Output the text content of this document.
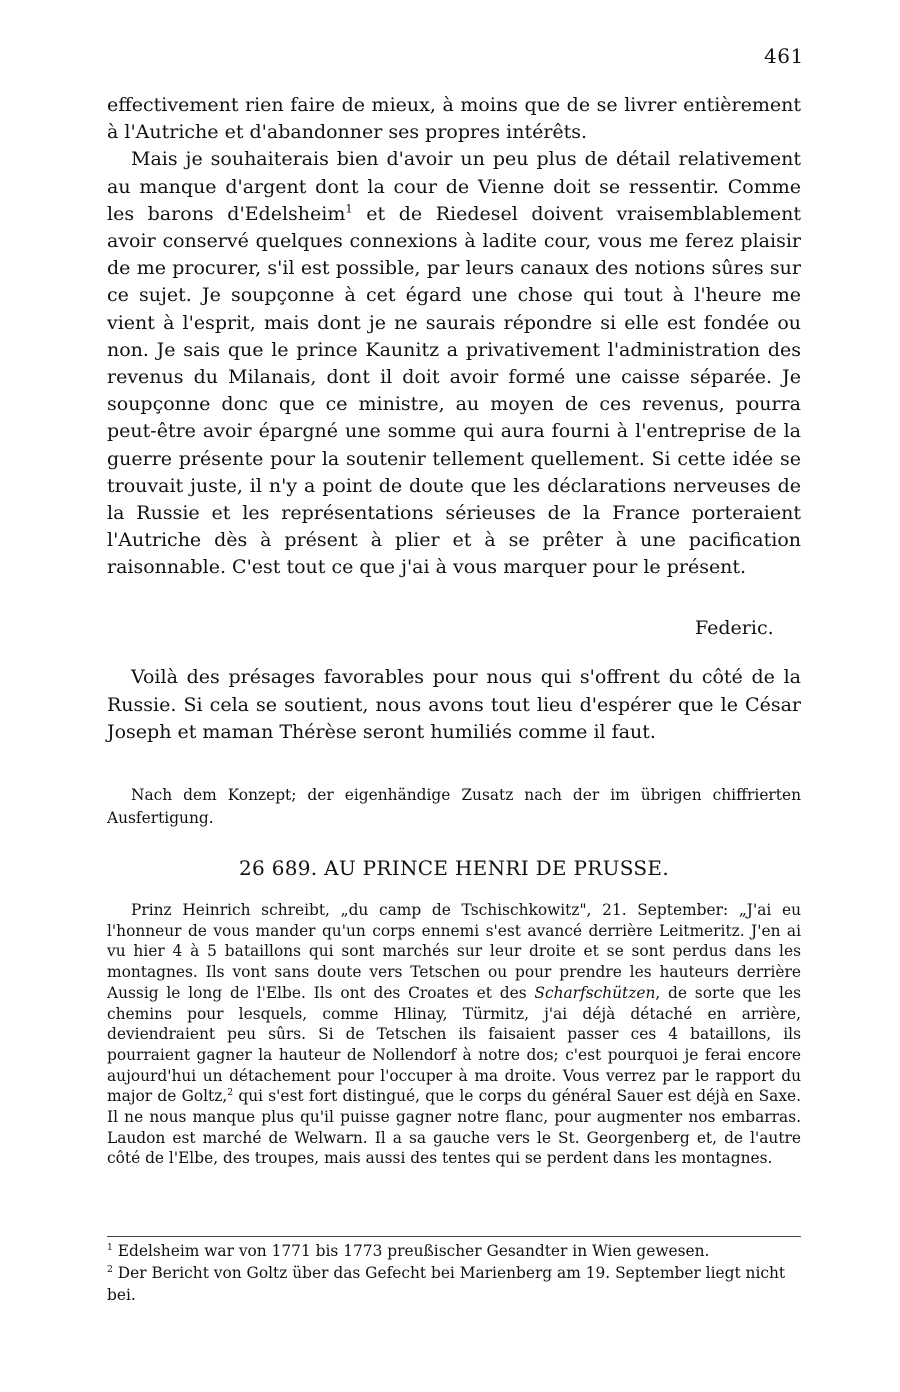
461

effectivement rien faire de mieux, à moins que de se livrer entièrement à l'Autriche et d'abandonner ses propres intérêts.

Mais je souhaiterais bien d'avoir un peu plus de détail relativement au manque d'argent dont la cour de Vienne doit se ressentir. Comme les barons d'Edelsheim$^1$ et de Riedesel doivent vraisemblablement avoir conservé quelques connexions à ladite cour, vous me ferez plaisir de me procurer, s'il est possible, par leurs canaux des notions sûres sur ce sujet. Je soupçonne à cet égard une chose qui tout à l'heure me vient à l'esprit, mais dont je ne saurais répondre si elle est fondée ou non. Je sais que le prince Kaunitz a privativement l'administration des revenus du Milanais, dont il doit avoir formé une caisse séparée. Je soupçonne donc que ce ministre, au moyen de ces revenus, pourra peut-être avoir épargné une somme qui aura fourni à l'entreprise de la guerre présente pour la soutenir tellement quellement. Si cette idée se trouvait juste, il n'y a point de doute que les déclarations nerveuses de la Russie et les représentations sérieuses de la France porteraient l'Autriche dès à présent à plier et à se prêter à une pacification raisonnable. C'est tout ce que j'ai à vous marquer pour le présent.

Federic.

Voilà des présages favorables pour nous qui s'offrent du côté de la Russie. Si cela se soutient, nous avons tout lieu d'espérer que le César Joseph et maman Thérèse seront humiliés comme il faut.

Nach dem Konzept; der eigenhändige Zusatz nach der im übrigen chiffrierten Ausfertigung.

26 689. AU PRINCE HENRI DE PRUSSE.

Prinz Heinrich schreibt, „du camp de Tschischkowitz", 21. September: „J'ai eu l'honneur de vous mander qu'un corps ennemi s'est avancé derrière Leitmeritz. J'en ai vu hier 4 à 5 bataillons qui sont marchés sur leur droite et se sont perdus dans les montagnes. Ils vont sans doute vers Tetschen ou pour prendre les hauteurs derrière Aussig le long de l'Elbe. Ils ont des Croates et des Scharfschützen, de sorte que les chemins pour lesquels, comme Hlinay, Türmitz, j'ai déjà détaché en arrière, deviendraient peu sûrs. Si de Tetschen ils faisaient passer ces 4 bataillons, ils pourraient gagner la hauteur de Nollendorf à notre dos; c'est pourquoi je ferai encore aujourd'hui un détachement pour l'occuper à ma droite. Vous verrez par le rapport du major de Goltz,$^2$ qui s'est fort distingué, que le corps du général Sauer est déjà en Saxe. Il ne nous manque plus qu'il puisse gagner notre flanc, pour augmenter nos embarras. Laudon est marché de Welwarn. Il a sa gauche vers le St. Georgenberg et, de l'autre côté de l'Elbe, des troupes, mais aussi des tentes qui se perdent dans les montagnes.

$^1$ Edelsheim war von 1771 bis 1773 preußischer Gesandter in Wien gewesen.

$^2$ Der Bericht von Goltz über das Gefecht bei Marienberg am 19. September liegt nicht bei.
